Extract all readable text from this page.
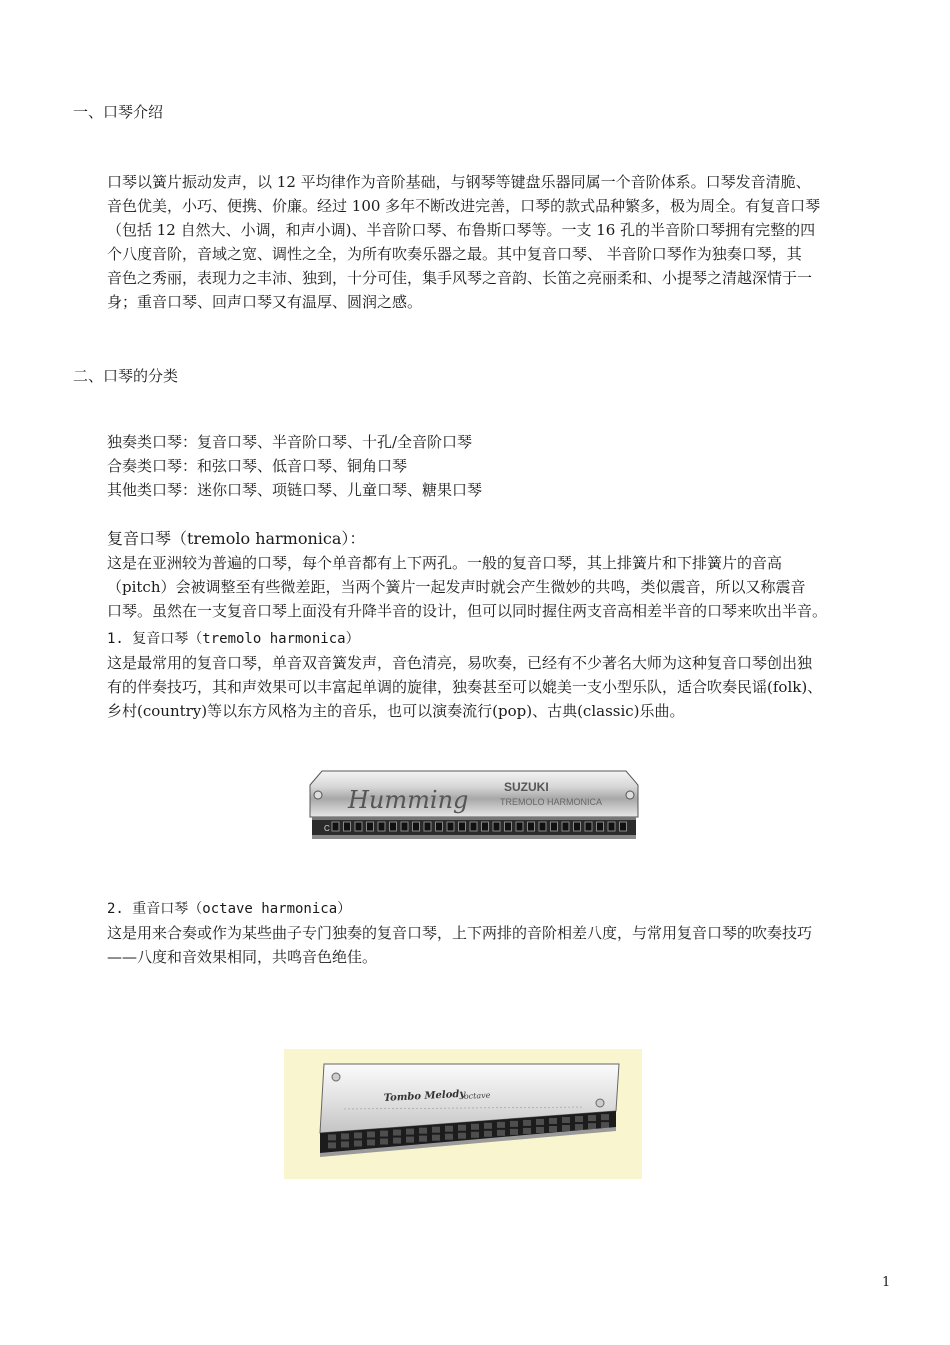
一、口琴介绍
口琴以簧片振动发声，以 12 平均律作为音阶基础，与钢琴等键盘乐器同属一个音阶体系。口琴发音清脆、
音色优美，小巧、便携、价廉。经过 100 多年不断改进完善，口琴的款式品种繁多，极为周全。有复音口琴
（包括 12 自然大、小调，和声小调)、半音阶口琴、布鲁斯口琴等。一支 16 孔的半音阶口琴拥有完整的四
个八度音阶，音域之宽、调性之全，为所有吹奏乐器之最。其中复音口琴、 半音阶口琴作为独奏口琴，其
音色之秀丽，表现力之丰沛、独到，十分可佳，集手风琴之音韵、长笛之亮丽柔和、小提琴之清越深情于一
身；重音口琴、回声口琴又有温厚、圆润之感。
二、口琴的分类
独奏类口琴：复音口琴、半音阶口琴、十孔/全音阶口琴
合奏类口琴：和弦口琴、低音口琴、铜角口琴
其他类口琴：迷你口琴、项链口琴、儿童口琴、糖果口琴
复音口琴（tremolo harmonica）：
这是在亚洲较为普遍的口琴，每个单音都有上下两孔。一般的复音口琴，其上排簧片和下排簧片的音高
（pitch）会被调整至有些微差距，当两个簧片一起发声时就会产生微妙的共鸣，类似震音，所以又称震音
口琴。虽然在一支复音口琴上面没有升降半音的设计，但可以同时握住两支音高相差半音的口琴来吹出半音。
1. 复音口琴（tremolo harmonica）
这是最常用的复音口琴，单音双音簧发声，音色清亮，易吹奏，已经有不少著名大师为这种复音口琴创出独
有的伴奏技巧，其和声效果可以丰富起单调的旋律，独奏甚至可以媲美一支小型乐队，适合吹奏民谣(folk)、
乡村(country)等以东方风格为主的音乐，也可以演奏流行(pop)、古典(classic)乐曲。
Humming	SUZUKI
TREMOLO HARMONICA
C
2. 重音口琴（octave harmonica）
这是用来合奏或作为某些曲子专门独奏的复音口琴，上下两排的音阶相差八度，与常用复音口琴的吹奏技巧
——八度和音效果相同，共鸣音色绝佳。
Tombo Melody
octave
1
